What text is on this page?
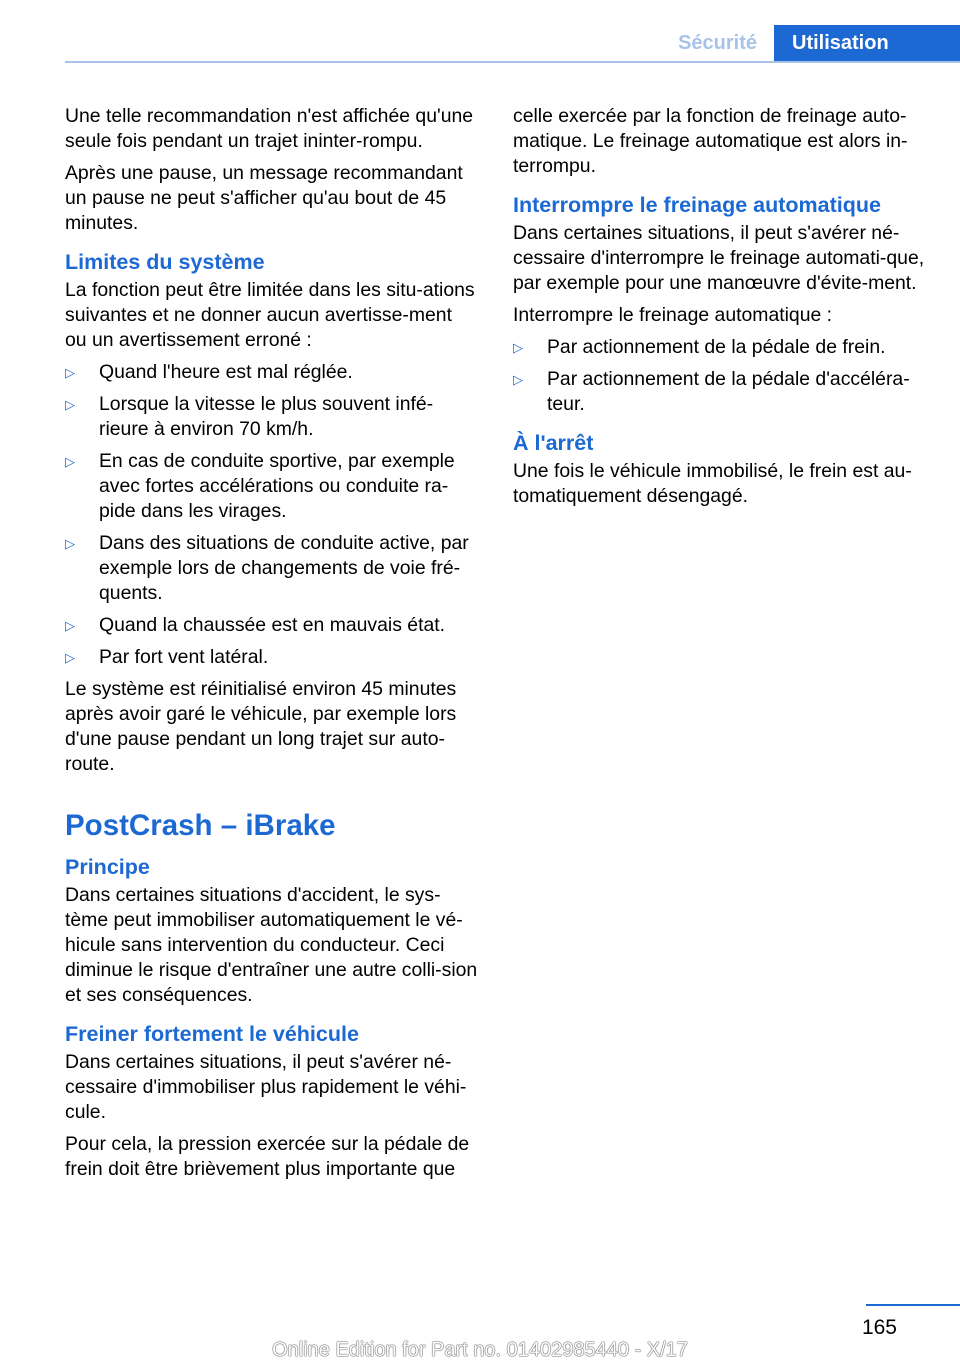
Sécurité	Utilisation

Une telle recommandation n'est affichée qu'une seule fois pendant un trajet ininter‐rompu.

Après une pause, un message recommandant un pause ne peut s'afficher qu'au bout de 45 minutes.

Limites du système

La fonction peut être limitée dans les situ‐ations suivantes et ne donner aucun avertisse‐ment ou un avertissement erroné :

▷	Quand l'heure est mal réglée.
▷	Lorsque la vitesse le plus souvent infé‐rieure à environ 70 km/h.
▷	En cas de conduite sportive, par exemple avec fortes accélérations ou conduite ra‐pide dans les virages.
▷	Dans des situations de conduite active, par exemple lors de changements de voie fré‐quents.
▷	Quand la chaussée est en mauvais état.
▷	Par fort vent latéral.

Le système est réinitialisé environ 45 minutes après avoir garé le véhicule, par exemple lors d'une pause pendant un long trajet sur auto‐route.

PostCrash – iBrake
Principe

Dans certaines situations d'accident, le sys‐tème peut immobiliser automatiquement le vé‐hicule sans intervention du conducteur. Ceci diminue le risque d'entraîner une autre colli‐sion et ses conséquences.

Freiner fortement le véhicule

Dans certaines situations, il peut s'avérer né‐cessaire d'immobiliser plus rapidement le véhi‐cule.

Pour cela, la pression exercée sur la pédale de frein doit être brièvement plus importante que

celle exercée par la fonction de freinage auto‐matique. Le freinage automatique est alors in‐terrompu.

Interrompre le freinage automatique

Dans certaines situations, il peut s'avérer né‐cessaire d'interrompre le freinage automati‐que, par exemple pour une manœuvre d'évite‐ment.

Interrompre le freinage automatique :

▷	Par actionnement de la pédale de frein.
▷	Par actionnement de la pédale d'accéléra‐teur.
À l'arrêt

Une fois le véhicule immobilisé, le frein est au‐tomatiquement désengagé.

165
Online Edition for Part no. 01402985440 - X/17
